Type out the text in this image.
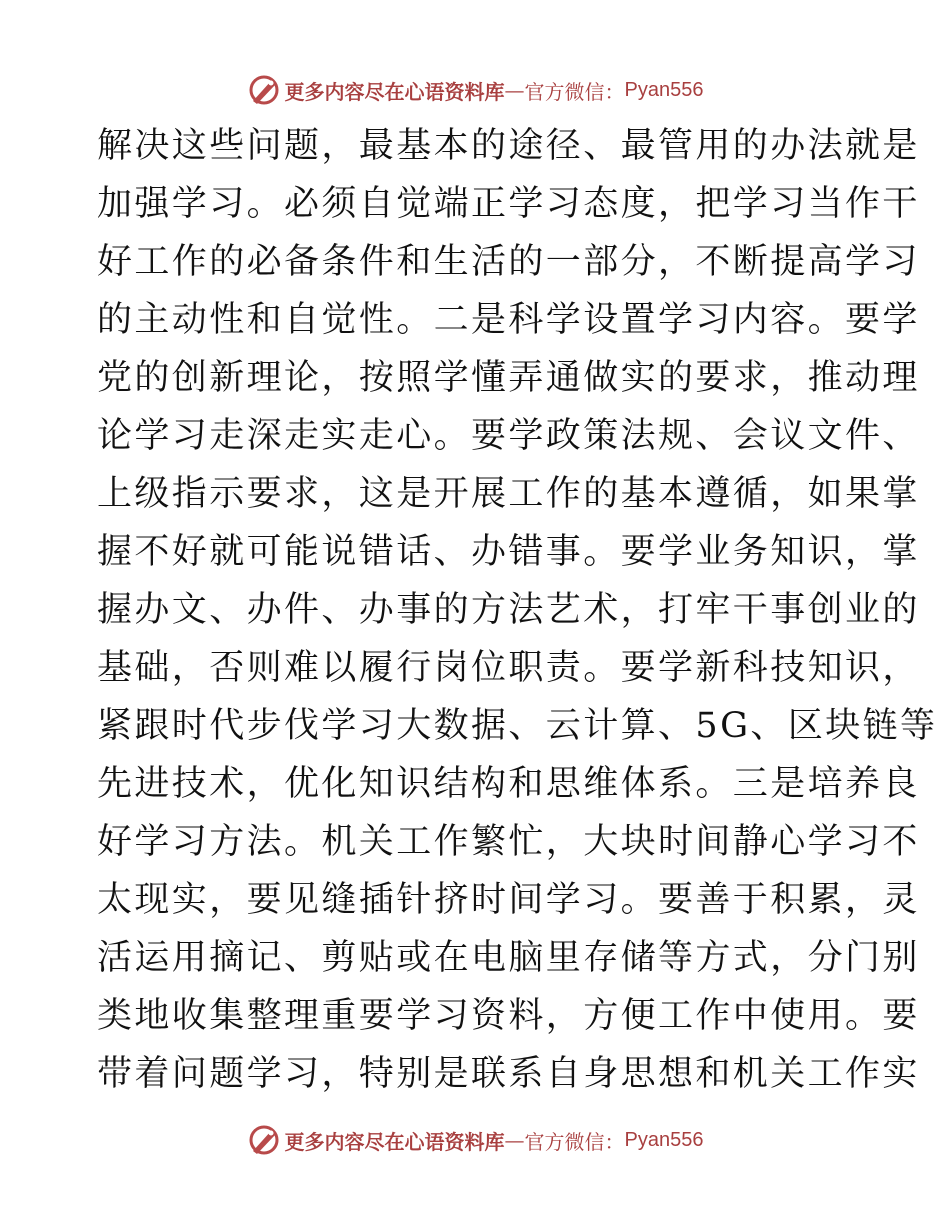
更多内容尽在心语资料库 — 官方微信： Pyan556
解决这些问题，最基本的途径、最管用的办法就是
加强学习。必须自觉端正学习态度，把学习当作干
好工作的必备条件和生活的一部分，不断提高学习
的主动性和自觉性。二是科学设置学习内容。要学
党的创新理论，按照学懂弄通做实的要求，推动理
论学习走深走实走心。要学政策法规、会议文件、
上级指示要求，这是开展工作的基本遵循，如果掌
握不好就可能说错话、办错事。要学业务知识，掌
握办文、办件、办事的方法艺术，打牢干事创业的
基础，否则难以履行岗位职责。要学新科技知识，
紧跟时代步伐学习大数据、云计算、5G、区块链等
先进技术，优化知识结构和思维体系。三是培养良
好学习方法。机关工作繁忙，大块时间静心学习不
太现实，要见缝插针挤时间学习。要善于积累，灵
活运用摘记、剪贴或在电脑里存储等方式，分门别
类地收集整理重要学习资料，方便工作中使用。要
带着问题学习，特别是联系自身思想和机关工作实
更多内容尽在心语资料库 — 官方微信： Pyan556
